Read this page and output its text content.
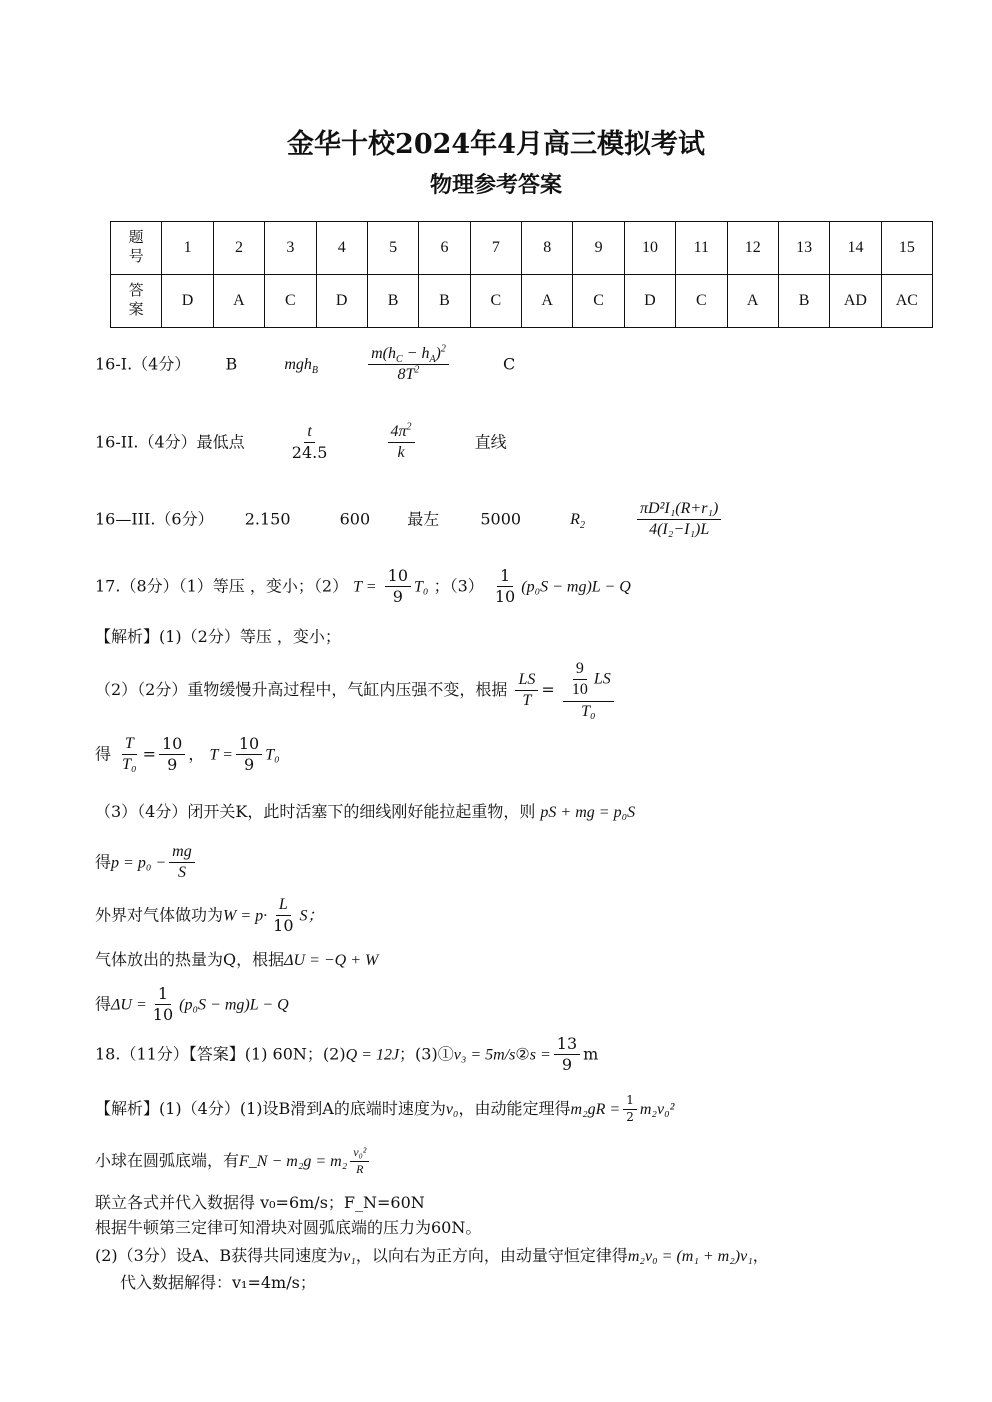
金华十校2024年4月高三模拟考试
物理参考答案
题
号	1	2	3	4	5	6	7	8	9	10	11	12	13	14	15
答
案	D	A	C	D	B	B	C	A	C	D	C	A	B	AD	AC
16-I.（4分） B	mgh$_B$	$\frac{m(h_C - h_A)^2}{8T^2}$	C
16-II.（4分）最低点	$\frac{t}{24.5}$
	$\frac{4\pi^2}{k}$	直线
16—III.（6分） 2.150	600 最左	5000	$R_2$	$\frac{\text{πD²I₁(R+r₁)}}{\text{4(I₂−I₁)L}}$
17.（8分）（1）等压 ，变小；（2） $T = \frac{10}{9} T_0$ ；$(3) \frac{1}{10} (p_0S - mg)L - Q$
【解析】(1)（2分）等压 ，变小；
（2）（2分）重物缓慢升高过程中，气缸内压强不变，根据 $\frac{LS}{T} = \frac{\frac{9}{10} LS}{\text{T₀}}$
得 $\frac{T}{\text{T₀}} = \frac{10}{9}$ ， $T = \frac{10}{9} T_0$
（3）（4分）闭开关K，此时活塞下的细线刚好能拉起重物，则 pS + mg = p₀S
得$p = p_0 - \frac{mg}{S}$
外界对气体做功为$W = p\cdot \frac{L}{10}$ S；
气体放出的热量为Q，根据ΔU = −Q + W
得$\Delta U = \frac{1}{10} (p_0S - mg)L - Q$
18.（11分）【答案】(1) 60N；(2)Q = 12J；(3)①v₃ = 5m/s②s = $\frac{13}{9}$ m
【解析】(1)（4分）(1)设B滑到A的底端时速度为v₀，由动能定理得$m_2gR = \frac{1}{2} m_2v_0^2$
小球在圆弧底端，有F_N − $m_2g = m_2 \frac{\text{v₀²}}{R}$
联立各式并代入数据得 v₀=6m/s；F_N=60N
根据牛顿第三定律可知滑块对圆弧底端的压力为60N。
(2)（3分）设A、B获得共同速度为v₁，以向右为正方向，由动量守恒定律得m₂v₀ = (m₁ + m₂)v₁，
代入数据解得：v₁=4m/s；
